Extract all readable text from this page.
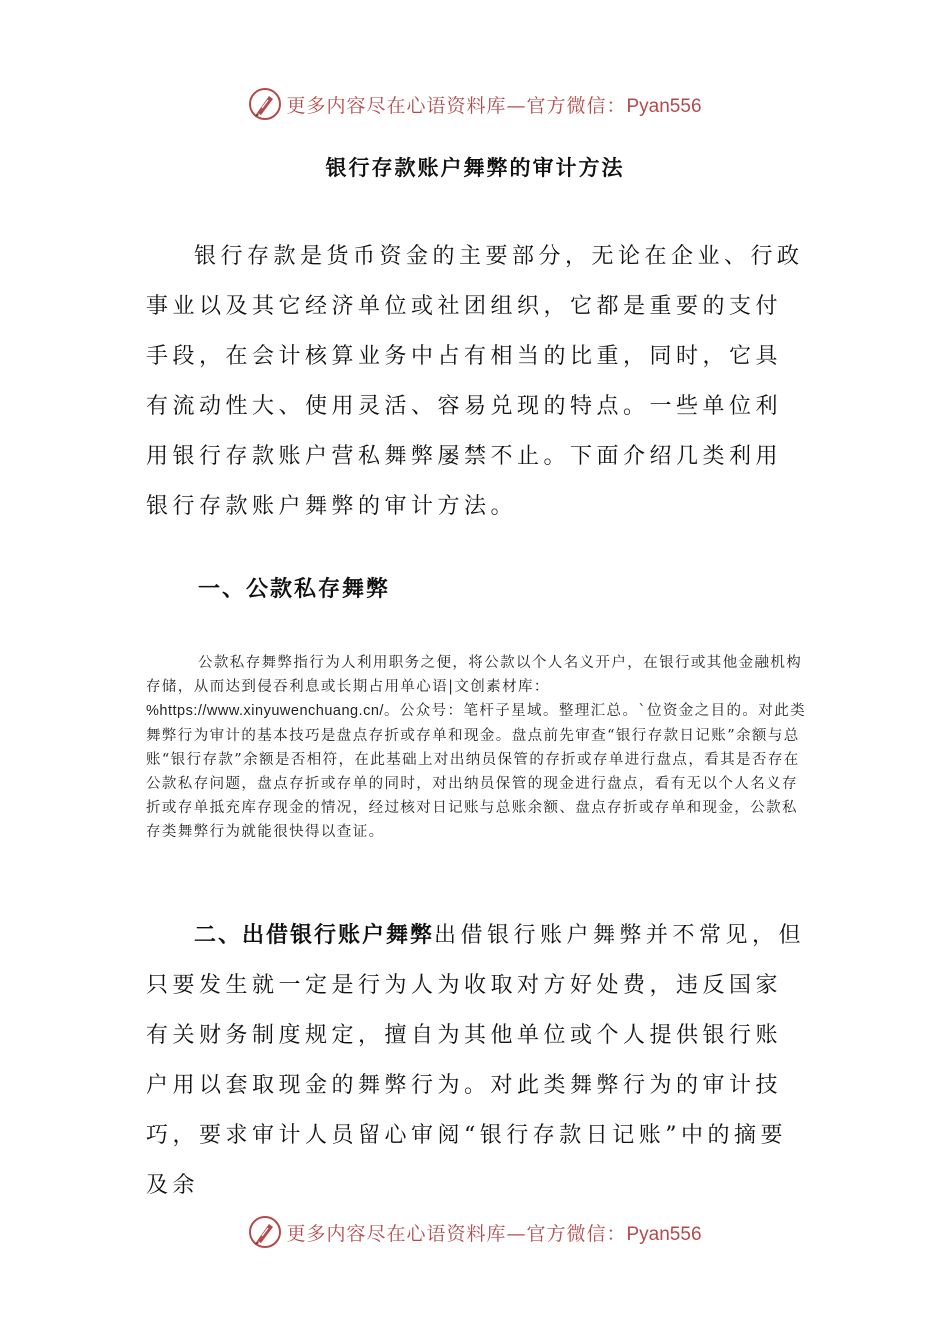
更多内容尽在心语资料库—官方微信：Pyan556
银行存款账户舞弊的审计方法

银行存款是货币资金的主要部分，无论在企业、行政事业以及其它经济单位或社团组织，它都是重要的支付手段，在会计核算业务中占有相当的比重，同时，它具有流动性大、使用灵活、容易兑现的特点。一些单位利用银行存款账户营私舞弊屡禁不止。下面介绍几类利用银行存款账户舞弊的审计方法。

一、公款私存舞弊

公款私存舞弊指行为人利用职务之便，将公款以个人名义开户，在银行或其他金融机构存储，从而达到侵吞利息或长期占用单心语|文创素材库：
%https://www.xinyuwenchuang.cn/。公众号：笔杆子星域。整理汇总。`位资金之目的。对此类舞弊行为审计的基本技巧是盘点存折或存单和现金。盘点前先审查“银行存款日记账”余额与总账“银行存款”余额是否相符，在此基础上对出纳员保管的存折或存单进行盘点，看其是否存在公款私存问题，盘点存折或存单的同时，对出纳员保管的现金进行盘点，看有无以个人名义存折或存单抵充库存现金的情况，经过核对日记账与总账余额、盘点存折或存单和现金，公款私存类舞弊行为就能很快得以查证。

二、出借银行账户舞弊出借银行账户舞弊并不常见，但只要发生就一定是行为人为收取对方好处费，违反国家有关财务制度规定，擅自为其他单位或个人提供银行账户用以套取现金的舞弊行为。对此类舞弊行为的审计技巧，要求审计人员留心审阅“银行存款日记账”中的摘要及余

更多内容尽在心语资料库—官方微信：Pyan556
